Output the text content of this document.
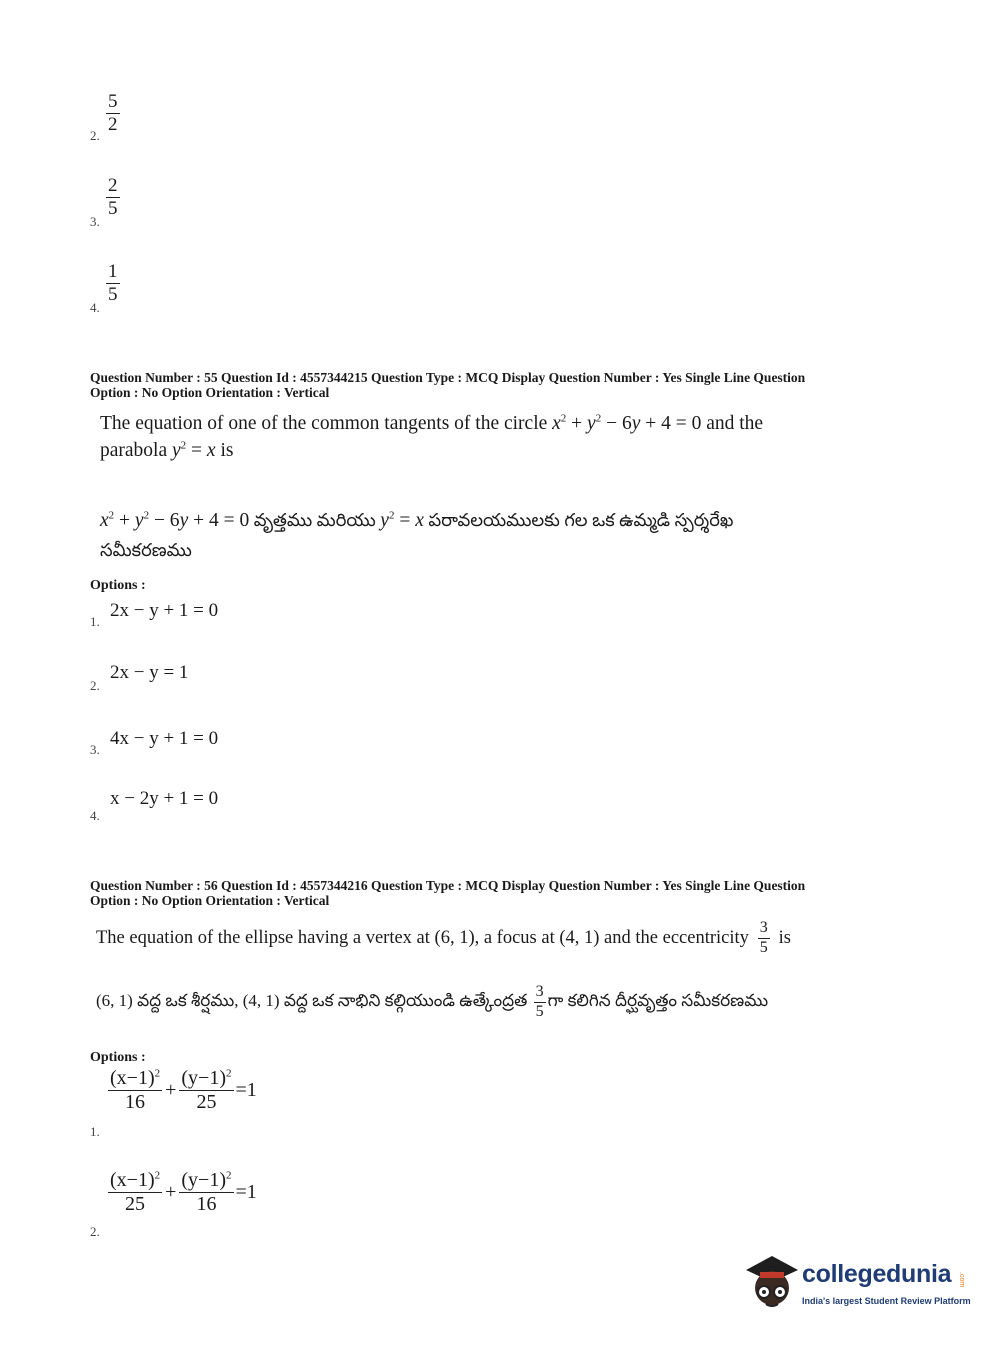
2.
$\frac{5}{2}$
3.
$\frac{2}{5}$
4.
$\frac{1}{5}$
Question Number : 55 Question Id : 4557344215 Question Type : MCQ Display Question Number : Yes Single Line Question
Option : No Option Orientation : Vertical
The equation of one of the common tangents of the circle $x^2 + y^2 - 6y + 4 = 0$ and the
parabola $y^2 = x$ is
$x^2 + y^2 - 6y + 4 = 0$ వృత్తము మరియు $y^2 = x$ పరావలయములకు గల ఒక ఉమ్మడి స్పర్శరేఖ
సమీకరణము
Options :
1.
2x − y + 1 = 0
2.
2x − y = 1
3.
4x − y + 1 = 0
4.
x − 2y + 1 = 0
Question Number : 56 Question Id : 4557344216 Question Type : MCQ Display Question Number : Yes Single Line Question
Option : No Option Orientation : Vertical
The equation of the ellipse having a vertex at (6, 1), a focus at (4, 1) and the eccentricity $\frac{3}{5}$ is
(6, 1) వద్ద ఒక శీర్షము, (4, 1) వద్ద ఒక నాభిని కల్గియుండి ఉత్కేంద్రత $\frac{3}{5}$ గా కలిగిన దీర్ఘవృత్తం సమీకరణము
Options :
1.
$\frac{(x-1)^2}{16} + \frac{(y-1)^2}{25} =1$
2.
$\frac{(x-1)^2}{25} + \frac{(y-1)^2}{16} =1$
collegedunia .com
India's largest Student Review Platform
